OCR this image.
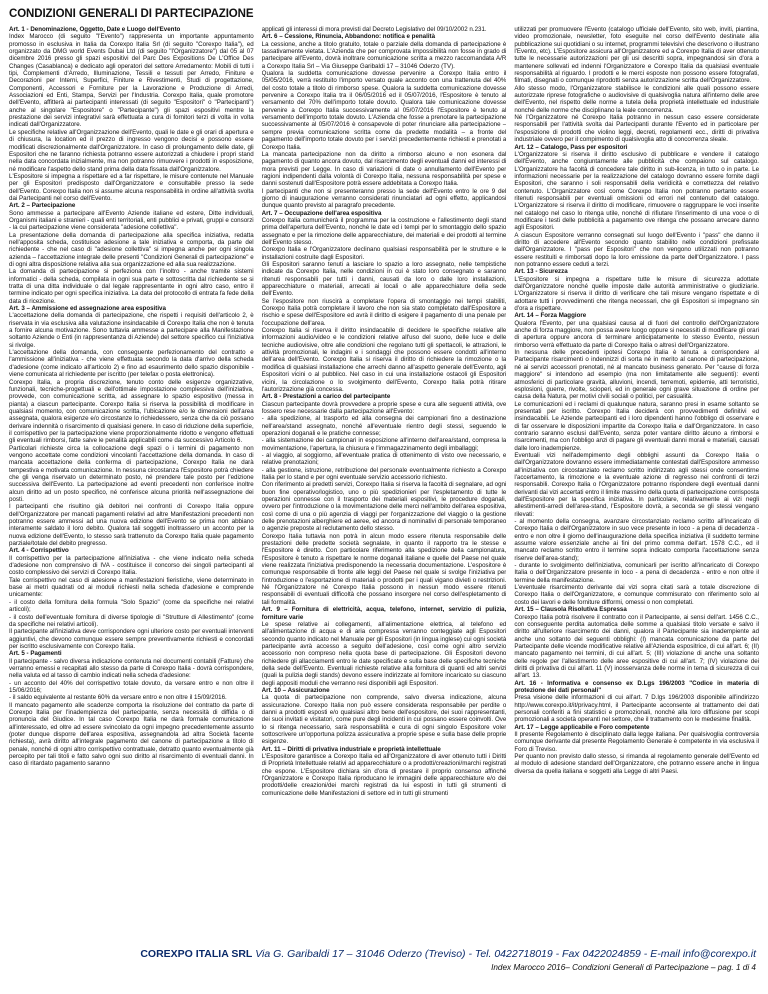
CONDIZIONI GENERALI DI PARTECIPAZIONE
Art. 1 - Denominazione, Oggetto, Date e Luogo dell'Evento

Index Marocco (di seguito "l'Evento") rappresenta un importante appuntamento promosso in esclusiva in Italia da Corexpo Italia Srl (di seguito "Corexpo Italia"), ed organizzato da DMG world Events Dubai Ltd (di seguito "l'Organizzatore") dal 05 al 07 dicembre 2016 presso gli spazi espositivi del Parc Des Expositions De L'Office Des Changes (Casablanca) e dedicato agli operatori del settore Arredamento: Mobili di tutti i tipi, Complementi d'Arredo, Illuminazione, Tessili e tessuti per Arredo, Finiture e Decorazioni per Interni, Superfici, Finiture e Rivestimenti, Studi di progettazione, Componenti, Accessori e Forniture per la Lavorazione e Produzione di Arredi, Associazioni ed Enti, Stampa, Servizi per l'Industria. Corexpo Italia, quale promotore dell'Evento, affitterà ai partecipanti interessati (di seguito "Espositori" o "Partecipanti") anche al singolare "Espositore" o "Partecipante") gli spazi espositivi mentre la prestazione dei servizi integrativi sarà effettuata a cura di fornitori terzi di volta in volta indicati dall'Organizzatore.

Le specifiche relative all'Organizzazione dell'Evento, quali le date e gli orari di apertura e di chiusura, la location ed il prezzo di ingresso vengono decisi e possono essere modificati discrezionalmente dall'Organizzatore. In caso di prolungamento delle date, gli Espositori che ne faranno richiesta potranno essere autorizzati a chiudere i propri stand nella data concordata inizialmente, ma non potranno rimuovere i prodotti in esposizione, né modificare l'aspetto dello stand prima della data fissata dall'Organizzatore.

L'Espositore si impegna a rispettare ed a far rispettare, le misure contenute nel Manuale per gli Espositori predisposto dall'Organizzatore e consultabile presso la sede dell'Evento. Corexpo Italia non si assume alcuna responsabilità in ordine all'attività svolta dai Partecipanti nel corso dell'Evento.

Art. 2 – Partecipazione

Sono ammesse a partecipare all'Evento Aziende italiane ed estere, Ditte individuali, Organismi italiani e stranieri - quali enti territoriali, enti pubblici e privati, gruppi e consorzi - la cui partecipazione viene considerata "adesione collettiva".

La presentazione della domanda di partecipazione alla specifica iniziativa, redatta nell'apposita scheda, costituisce adesione a tale iniziativa e comporta, da parte del richiedente - che nel caso di "adesione collettiva" si impegna anche per ogni singola azienda – l'accettazione integrale delle presenti "Condizioni Generali di partecipazione" e di ogni altra disposizione relativa alla sua organizzazione ed alla sua realizzazione.

La domanda di partecipazione si perfeziona con l'inoltro - anche tramite sistemi informatici - della scheda, compilata in ogni sua parte e sottoscritta dal richiedente se si tratta di una ditta individuale o dal legale rappresentante in ogni altro caso, entro il termine indicato per ogni specifica iniziativa. La data del protocollo di entrata fa fede della data di ricezione.

Art. 3 – Ammissione ed assegnazione area espositiva

L'accettazione della domanda di partecipazione, che rispetti i requisiti dell'articolo 2, è riservata in via esclusiva alla valutazione insindacabile di Corexpo Italia che non è tenuta a fornire alcuna motivazione. Sono tuttavia ammesse a partecipare alla Manifestazione soltanto Aziende o Enti (in rappresentanza di Aziende) del settore specifico cui l'iniziativa si rivolge.

L'accettazione della domanda, con conseguente perfezionamento del contratto e l'ammissione all'iniziativa - che viene effettuata secondo la data d'arrivo della scheda d'adesione (come indicato all'articolo 2) e fino ad esaurimento dello spazio disponibile - viene comunicata al richiedente per iscritto (per telefax o posta elettronica).

Corexpo Italia, a propria discrezione, tenuto conto delle esigenze organizzative, funzionali, tecniche-progettuali e dell'ottimale impostazione complessiva dell'iniziativa, provvede, con comunicazione scritta, ad assegnare lo spazio espositivo (messa in pianta) a ciascun partecipante. Corexpo Italia si riserva la possibilità di modificare in qualsiasi momento, con comunicazione scritta, l'ubicazione e/o le dimensioni dell'area assegnata, qualora esigenze e/o circostanze lo richiedessero, senza che da ciò possano derivare indennità o risarcimento di qualsiasi genere. In caso di riduzione della superficie, il corrispettivo per la partecipazione viene proporzionalmente ridotto e vengono effettuati gli eventuali rimborsi, fatte salve le penalità applicabili come da successivo Articolo 6.

Particolari richieste circa la collocazione degli spazi o i termini di pagamento non vengono accettate come condizioni vincolanti l'accettazione della domanda. In caso di mancata accettazione della conferma di partecipazione, Corexpo Italia ne darà tempestiva e motivata comunicazione. In nessuna circostanza l'Espositore potrà chiedere che gli venga riservato un determinato posto, né prendere tale posto per l'edizione successiva dell'Evento. La partecipazione ad eventi precedenti non conferisce inoltre alcun diritto ad un posto specifico, né conferisce alcuna priorità nell'assegnazione dei posti.

I partecipanti che risultino già debitori nei confronti di Corexpo Italia oppure dell'Organizzatore per mancati pagamenti relativi ad altre Manifestazioni precedenti non potranno essere ammessi ad una nuova edizione dell'Evento se prima non abbiano interamente saldato il loro debito. Qualora tali soggetti inoltrassero un acconto per la nuova edizione dell'Evento, lo stesso sarà trattenuto da Corexpo Italia quale pagamento parziale/totale del debito pregresso.

Art. 4 - Corrispettivo

Il corrispettivo per la partecipazione all'iniziativa - che viene indicato nella scheda d'adesione non comprensivo di IVA - costituisce il concorso dei singoli partecipanti al costo complessivo dei servizi di Corexpo Italia.

Tale corrispettivo nel caso di adesione a manifestazioni fieristiche, viene determinato in base ai metri quadrati od ai moduli richiesti nella scheda d'adesione e comprende unicamente:

- il costo della fornitura della formula "Solo Spazio" (come da specifiche nei relativi articoli);

- il costo dell'eventuale fornitura di diverse tipologie di "Strutture di Allestimento" (come da specifiche nei relativi articoli).

Il partecipante all'iniziativa deve corrispondere ogni ulteriore costo per eventuali interventi aggiuntivi, che devono comunque essere sempre preventivamente richiesti e concordati per iscritto esclusivamente con Corexpo Italia.

Art. 5 - Pagamenti

Il partecipante - salvo diversa indicazione contenuta nei documenti contabili (Fatture) che verranno emessi e recapitati allo stesso da parte di Corexpo Italia - dovrà corrispondere, nella valuta ed al tasso di cambio indicati nella scheda d'adesione:

- un acconto del 40% del corrispettivo totale dovuto, da versare entro e non oltre il 15/06/2016;

- il saldo equivalente al restante 60% da versare entro e non oltre il 15/09/2016.

Il mancato pagamento alle scadenze comporta la risoluzione del contratto da parte di Corexpo Italia per l'inadempienza del partecipante, senza necessità di diffida o di pronuncia del Giudice. In tal caso Corexpo Italia ne darà formale comunicazione all'interessato, ed oltre ad essere svincolato da ogni impegno precedentemente assunto (poter dunque disporre dell'area espositiva, assegnandola ad altra Società facente richiesta), avrà diritto all'integrale pagamento del canone di partecipazione a titolo di penale, nonché di ogni altro corrispettivo contrattuale, detratto quanto eventualmente già percepito per tali titoli e fatto salvo ogni suo diritto al risarcimento di eventuali danni. In caso di ritardato pagamento saranno

applicati gli interessi di mora previsti dal Decreto Legislativo del 09/10/2002 n.231.

Art. 6 – Cessione, Rinuncia, Abbandono: notifica e penalità

La cessione, anche a titolo gratuito, totale o parziale della domanda di partecipazione è tassativamente vietata. L'Azienda che per comprovata impossibilità non fosse in grado di partecipare all'Evento, dovrà inoltrare comunicazione scritta a mezzo raccomandata A/R a Corexpo Italia Srl – Via Giuseppe Garibaldi 17 – 31046 Oderzo (TV).

Qualora la suddetta comunicazione dovesse pervenire a Corexpo Italia entro il 05/05/2016, verrà restituito l'importo versato quale acconto con una trattenuta del 40% del costo totale a titolo di rimborso spese. Qualora la suddetta comunicazione dovesse pervenire a Corexpo Italia tra il 06/05/2016 ed il 05/07/2016, l'Espositore è tenuto al versamento del 70% dell'importo totale dovuto. Qualora tale comunicazione dovesse pervenire a Corexpo Italia successivamente al 05/07/2016 l'Espositore è tenuto al versamento dell'importo totale dovuto. L'Azienda che fosse a prenotare la partecipazione successivamente al 05/07/2016 è consapevole di poter rinunciare alla partecipazione – sempre previa comunicazione scritta come da predette modalità – a fronte del pagamento dell'importo totale dovuto per i servizi precedentemente richiesti e prenotati a Corexpo Italia.

La mancata partecipazione non da diritto a rimborso alcuno e non esonera dal pagamento di quanto ancora dovuto, dal risarcimento degli eventuali danni ed interessi di mora previsti per Legge. In caso di variazioni di date o annullamento dell'Evento per ragioni indipendenti dalla volontà di Corexpo Italia, nessuna responsabilità per spese e danni sostenuti dall'Espositore potrà essere addebitata a Corexpo Italia.

I partecipanti che non si presenteranno presso la sede dell'Evento entro le ore 9 del giorno di inaugurazione verranno considerati rinunciatari ad ogni effetto, applicandosi dunque quanto previsto al paragrafo precedente.

Art. 7 – Occupazione dell'area espositiva

Corexpo Italia comunicherà il programma per la costruzione e l'allestimento degli stand prima dell'apertura dell'Evento, nonché le date ed i tempi per lo smontaggio dello spazio assegnato e per la rimozione delle apparecchiature, dei materiali e dei prodotti al termine dell'Evento stesso.

Corexpo Italia e l'Organizzatore declinano qualsiasi responsabilità per le strutture e le installazioni costruite dagli Espositori.

Gli Espositori saranno tenuti a lasciare lo spazio a loro assegnato, nelle tempistiche indicate da Corexpo Italia, nelle condizioni in cui è stato loro consegnato e saranno ritenuti responsabili per tutti i danni, causati da loro o dalle loro installazioni, apparecchiature o materiali, arrecati ai locali o alle apparecchiature della sede dell'Evento.

Se l'espositore non riuscirà a completare l'opera di smontaggio nei tempi stabiliti, Corexpo Italia potrà completare il lavoro che non sia stato completato dall'Espositore a rischio e spese dell'Espositore ed avrà il diritto di esigere il pagamento di una penale per l'occupazione dell'area.

Corexpo Italia si riserva il diritto insindacabile di decidere le specifiche relative alle informazioni audio/video e le condizioni relative all'uso del suono, delle luce e delle tecniche audiovisive, oltre alle condizioni che regolano tutti gli spettacoli, le attrazioni, le attività promozionali, le indagini e i sondaggi che possono essere condotti all'interno dell'area dell'Evento. Corexpo Italia si riserva il diritto di richiedere la rimozione o la modifica di qualsiasi installazione che arrechi danno all'aspetto generale dell'Evento, agli Espositori vicini o al pubblico. Nel caso in cui una installazione ostacoli gli Espositori vicini, la circolazione o lo svolgimento dell'Evento, Corexpo Italia potrà ritirare l'autorizzazione già concessa.

Art. 8 - Prestazioni a carico del partecipante

Ciascun partecipante dovrà provvedere a proprie spese e cura alle seguenti attività, ove fossero rese necessarie dalla partecipazione all'Evento:

- alla spedizione, al trasporto ed alla consegna dei campionari fino a destinazione nell'area/stand assegnato, nonché all'eventuale rientro degli stessi, seguendo le operazioni doganali e le pratiche connesse;

- alla sistemazione dei campionari in esposizione all'interno dell'area/stand, compresa la movimentazione, l'apertura, la chiusura e l'immagazzinamento degli imballaggi;

- al viaggio, al soggiorno, all'eventuale pratica di ottenimento di visto ove necessario, e relative prenotazioni;

- alla gestione, istruzione, retribuzione del personale eventualmente richiesto a Corexpo Italia per lo stand e per ogni eventuale servizio accessorio richiesto.

Con riferimento ai predetti servizi, Corexpo Italia si riserva la facoltà di segnalare, ad ogni buon fine operativo/logistico, uno o più spedizionieri per l'espletamento di tutte le operazioni connesse con il trasporto dei materiali espositivi, le procedure doganali, ovvero per l'introduzione o la movimentazione delle merci nell'ambito dell'area espositiva, così come di una o più agenzia di viaggi per l'organizzazione del viaggio o la gestione delle prenotazioni alberghiere ed aeree, ed ancora di nominativi di personale temporaneo o agenzie preposte al reclutamento dello stesso.

Corexpo Italia tuttavia non potrà in alcun modo essere ritenuta responsabile delle prestazioni delle predette società segnalate, in quanto il rapporto tra le stesse e l'Espositore è diretto. Con particolare riferimento alla spedizione della campionatura, l'Espositore è tenuto a rispettare le norme doganali italiane e quelle del Paese nel quale viene realizzata l'iniziativa predisponendo la necessaria documentazione. L'espositore è comunque responsabile di fronte alle leggi del Paese nel quale si svolge l'iniziativa per l'introduzione o l'esportazione di materiali o prodotti per i quali vigano divieti o restrizioni. Né l'Organizzatore né Corexpo Italia possono in nessun modo essere ritenuti responsabili di eventuali difficoltà che possano insorgere nel corso dell'espletamento di tali formalità.

Art. 9 – Fornitura di elettricità, acqua, telefono, internet, servizio di pulizia, forniture varie

Le spese relative ai collegamenti, all'alimentazione elettrica, al telefono ed all'alimentazione di acqua e di aria compressa verranno conteggiate agli Espositori secondo quanto indicato nel Manuale per gli Espositori (in lingua inglese) cui ogni società partecipante avrà accesso a seguito dell'adesione, così come ogni altro servizio accessorio non compreso nella quota base di partecipazione. Gli Espositori devono richiedere gli allacciamenti entro le date specificate e sulla base delle specifiche tecniche della sede dell'Evento. Eventuali richieste relative alla fornitura di quanti ed altri servizi (quali la pulizia degli stands) devono essere indirizzate al fornitore incaricato su ciascuno degli appositi moduli che verranno resi disponibili agli Espositori.

Art. 10 – Assicurazione

La quota di partecipazione non comprende, salvo diversa indicazione, alcuna assicurazione. Corexpo Italia non può essere considerata responsabile per perdite o danni a prodotti esposti e/o qualsiasi altro bene dell'espositore, dei suoi rappresentanti, dei suoi invitati e visitatori, come pure degli incidenti in cui possano essere coinvolti. Ove lo si ritenga necessario, sarà responsabilità e cura di ogni singolo Espositore voler sottoscrivere un'opportuna polizza assicurativa a proprie spese e sulla base delle proprie esigenze.

Art. 11 – Diritti di privativa industriale e proprietà intellettuale

L'Espositore garantisce a Corexpo Italia ed all'Organizzatore di aver ottenuto tutti i Diritti di Proprietà Intellettuale relativi ad apparecchiature o a prodotti/creazioni/marchi registrati che espone. L'Espositore dichiara sin d'ora di prestare il proprio consenso affinché l'Organizzatore e Corexpo Italia riproducano le immagini delle apparecchiature e/o dei prodotti/delle creazioni/dei marchi registrati da lui esposti in tutti gli strumenti di comunicazione delle Manifestazioni di settore ed in tutti gli strumenti

utilizzati per promuovere l'Evento (catalogo ufficiale dell'Evento, sito web, inviti, piantina, video promozionale, newsletter, foto eseguite nel corso dell'Evento destinate alla pubblicazione sui quotidiani o su internet, programmi televisivi che descrivono o illustrano l'Evento, etc). L'Espositore assicura all'Organizzatore ed a Corexpo Italia di aver ottenuto tutte le necessarie autorizzazioni per gli usi descritti sopra, impegnandosi sin d'ora a mantenere sollevati ed indenni l'Organizzatore e Corexpo Italia da qualsiasi eventuale responsabilità al riguardo. I prodotti e le merci esposte non possono essere fotografati, filmati, disegnati o comunque riprodotti senza autorizzazione scritta dell'Organizzatore.

Allo stesso modo, l'Organizzatore stabilisce le condizioni alle quali possono essere autorizzate riprese fotografiche o audiovisive di qualsivoglia natura all'interno delle aree dell'Evento, nel rispetto delle norme a tutela della proprietà intellettuale ed industriale nonché delle norme che disciplinano la leale concorrenza.

Né l'Organizzatore né Corexpo Italia potranno in nessun caso essere considerate responsabili per l'attività svolta dai Partecipanti durante l'Evento ed in particolare per l'esposizione di prodotti che violino leggi, decreti, regolamenti ecc., diritti di privativa industriale ovvero per il compimento di qualsivoglia atto di concorrenza sleale.

Art. 12 – Catalogo, Pass per espositori

L'Organizzatore si riserva il diritto esclusivo di pubblicare e vendere il catalogo dell'Evento, anche congiuntamente alle pubblicità che compaiono sul catalogo. L'Organizzatore ha facoltà di concedere tale diritto in sub-licenza, in tutto o in parte. Le informazioni necessarie per la realizzazione del catalogo dovranno essere fornite dagli Espositori, che saranno i soli responsabili della veridicità e correttezza del relativo contenuto. L'Organizzatore così come Corexpo Italia non potranno pertanto essere ritenuti responsabili per eventuali omissioni od errori nel contenuto del catalogo. L'Organizzatore si riserva il diritto di modificare, rimuovere o raggruppare le voci inserite nel catalogo nel caso lo ritenga utile, nonché di rifiutare l'inserimento di una voce o di modificare i testi delle pubblicità a pagamento ove ritenga che possano arrecare danno agli Espositori.

A ciascun Espositore verranno consegnati sul luogo dell'Evento i "pass" che danno il diritto di accedere all'Evento secondo quanto stabilito nelle condizioni prefissate dall'Organizzatore. I "pass per Espositori" che non vengono utilizzati non potranno essere restituiti e rimborsati dopo la loro emissione da parte dell'Organizzatore. I pass non potranno essere ceduti a terzi.

Art. 13 - Sicurezza

L'Espositore si impegna a rispettare tutte le misure di sicurezza adottate dall'Organizzatore nonché quelle imposte dalle autorità amministrative o giudiziarie. L'Organizzatore si riserva il diritto di verificare che tali misure vengano rispettate e di adottare tutti i provvedimenti che ritenga necessari, che gli Espositori si impegnano sin d'ora a rispettare.

Art. 14 – Forza Maggiore

Qualora l'Evento, per una qualsiasi causa al di fuori del controllo dell'Organizzatore anche di forza maggiore, non possa avere luogo oppure si necessiti di modificare gli orari di apertura oppure ancora di terminare anticipatamente lo stesso Evento, nessun rimborso verrà effettuato da parte di Corexpo Italia o altresì dell'Organizzatore.

In nessuna delle precedenti ipotesi Corexpo Italia è tenuta a corrispondere al Partecipante risarcimenti o indennizzi di sorta né in merito al canone di partecipazione, né ai servizi accessori prenotati, né al mancato business generato. Per "cause di forza maggiore" si intendono ad esempio (ma non limitatamente alle seguenti): eventi atmosferici di particolare gravità, alluvioni, incendi, terremoti, epidemie, atti terroristici, esplosioni, guerre, rivolte, scioperi, ed in generale ogni grave situazione di ordine per causa della Natura, per motivi civili sociali o politici, per casualità.

Le comunicazioni ed i reclami di qualunque natura, saranno presi in esame soltanto se presentati per iscritto. Corexpo Italia deciderà con provvedimenti definitivi ed insindacabili. Le Aziende partecipanti ed i loro dipendenti hanno l'obbligo di osservare e di far osservare le disposizioni impartite da Corexpo Italia e dall'Organizzatore. In caso contrario saranno esclusi dall'Evento, senza poter vantare diritto alcuno a rimborsi e risarcimenti, ma con l'obbligo anzi di pagare gli eventuali danni morali e materiali, causati dalle loro inadempienze.

Eventuali vizi nell'adempimento degli obblighi assunti da Corexpo Italia o dall'Organizzatore dovranno essere immediatamente contestati dall'Espositore ammesso all'iniziativa con circostanziato reclamo scritto indirizzato agli stessi onde consentirne l'accertamento, la rimozione e la eventuale azione di regresso nei confronti di terzi responsabili. Corexpo Italia o l'Organizzatore potranno rispondere degli eventuali danni derivanti dai vizi accertati entro il limite massimo della quota di partecipazione corrisposta dall'Espositore per la specifica iniziativa. In particolare, relativamente ai vizi negli allestimenti-arredi dell'area-stand, l'Espositore dovrà, a seconda se gli stessi vengano rilevati:

- al momento della consegna, avanzare circostanziato reclamo scritto all'incaricato di Corexpo Italia o dell'Organizzatore in suo vece presente in loco - a pena di decadenza - entro e non oltre il giorno dell'inaugurazione della specifica iniziativa (il suddetto termine assume valore essenziale anche ai fini del primo comma dell'art. 1578 C.C., ed il mancato reclamo scritto entro il termine sopra indicato comporta l'accettazione senza riserve dell'area-stand);

- durante lo svolgimento dell'iniziativa, comunicarli per iscritto all'incaricato di Corexpo Italia o dell'Organizzatore presente in loco - a pena di decadenza - entro e non oltre il termine della manifestazione.

L'eventuale risarcimento derivante dai vizi sopra citati sarà a totale discrezione di Corexpo Italia o dell'Organizzatore, e comunque commisurato con riferimento solo al costo dei lavori e delle forniture difformi, omessi o non completati.

Art. 15 – Clausola Risolutiva Espressa

Corexpo Italia potrà risolvere il contratto con il Partecipante, ai sensi dell'art. 1456 C.C., con conseguente perdita automatica delle somme a qualsiasi titolo versate e salvo il diritto all'ulteriore risarcimento dei danni, qualora il Partecipante sia inadempiente ad anche uno soltanto dei seguenti obblighi: (I) mancata comunicazione da parte del Partecipante delle vicende modificative relative all'Azienda espositrice, di cui all'art. 6; (II) mancato pagamento nei termini, di cui all'art. 5; (III) violazione di anche una soltanto delle regole per l'allestimento delle aree espositive di cui all'art. 7; (IV) violazione dei diritti di privativa di cui all'art. 11 (V) inosservanza delle norme in tema di sicurezza di cui all'art. 13.

Art. 16 - Informativa e consenso ex D.Lgs 196/2003 "Codice in materia di protezione dei dati personali"

Presa visione delle informazioni di cui all'art. 7 D.lgs 196/2003 disponibile all'indirizzo http://www.corexpo.it/it/privacy.html, il Partecipante acconsente al trattamento dei dati personali conferiti a fini statistici e promozionali, nonché alla loro diffusione per scopi promozionali a società operanti nel settore, che il trattamento con le medesime finalità.

Art. 17 – Legge applicabile e Foro competente

Il presente Regolamento è disciplinato dalla legge italiana. Per qualsivoglia controversia comunque derivante dal presente Regolamento Generale è competente in via esclusiva il Foro di Treviso.

Per quanto non previsto dallo stesso, si rimanda al regolamento generale dell'Evento ed al modulo di adesione standard dell'Organizzatore, che potranno essere anche in lingua diversa da quella italiana e soggetti alla Legge di altri Paesi.

COREXPO ITALIA SRL Via G. Garibaldi 17 – 31046 Oderzo (Treviso) - Tel. 0422718019 - Fax 0422024859 - E-mail info@corexpo.it
Index Marocco 2016– Condizioni Generali di Partecipazione – pag. 1 di 4
